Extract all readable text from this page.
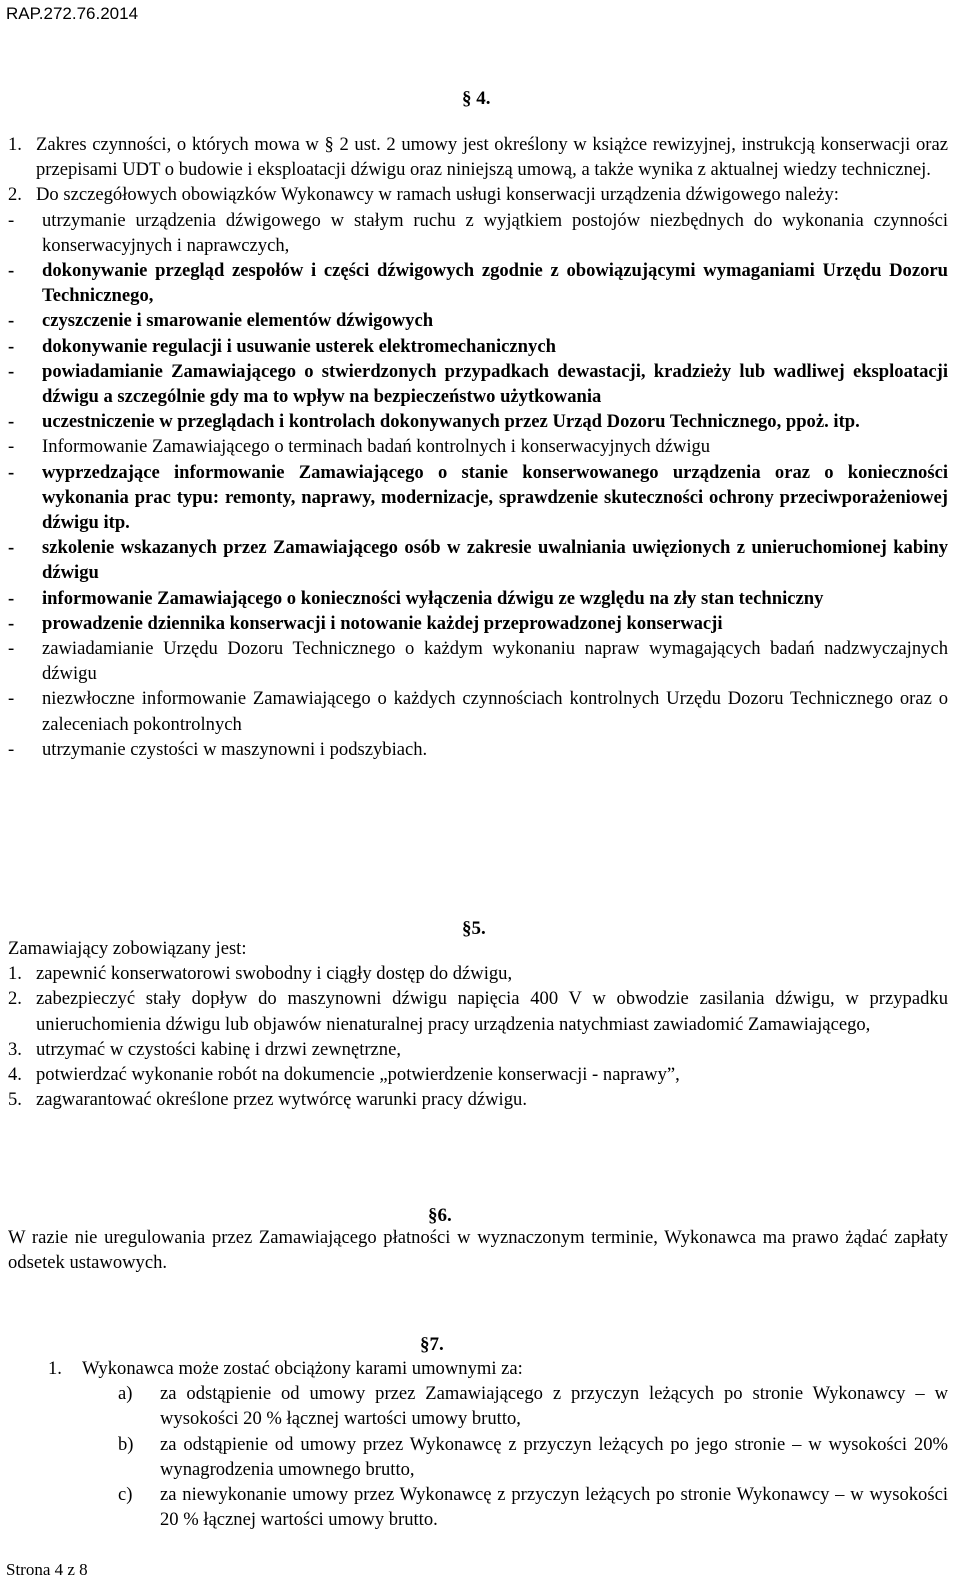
RAP.272.76.2014
§ 4.

1. Zakres czynności, o których mowa w § 2 ust. 2 umowy jest określony w książce rewizyjnej, instrukcją konserwacji oraz przepisami UDT o budowie i eksploatacji dźwigu oraz niniejszą umową, a także wynika z aktualnej wiedzy technicznej.

2. Do szczegółowych obowiązków Wykonawcy w ramach usługi konserwacji urządzenia dźwigowego należy:

- utrzymanie urządzenia dźwigowego w stałym ruchu z wyjątkiem postojów niezbędnych do wykonania czynności konserwacyjnych i naprawczych,

- dokonywanie przegląd zespołów i części dźwigowych zgodnie z obowiązującymi wymaganiami Urzędu Dozoru Technicznego,

- czyszczenie i smarowanie elementów dźwigowych

- dokonywanie regulacji i usuwanie usterek elektromechanicznych

- powiadamianie Zamawiającego o stwierdzonych przypadkach dewastacji, kradzieży lub wadliwej eksploatacji dźwigu a szczególnie gdy ma to wpływ na bezpieczeństwo użytkowania

- uczestniczenie w przeglądach i kontrolach dokonywanych przez Urząd Dozoru Technicznego, ppoż. itp.

- Informowanie Zamawiającego o terminach badań kontrolnych i konserwacyjnych dźwigu

- wyprzedzające informowanie Zamawiającego o stanie konserwowanego urządzenia oraz o konieczności wykonania prac typu: remonty, naprawy, modernizacje, sprawdzenie skuteczności ochrony przeciwporażeniowej dźwigu itp.

- szkolenie wskazanych przez Zamawiającego osób w zakresie uwalniania uwięzionych z unieruchomionej kabiny dźwigu

- informowanie Zamawiającego o konieczności wyłączenia dźwigu ze względu na zły stan techniczny

- prowadzenie dziennika konserwacji i notowanie każdej przeprowadzonej konserwacji

- zawiadamianie Urzędu Dozoru Technicznego o każdym wykonaniu napraw wymagających badań nadzwyczajnych dźwigu

- niezwłoczne informowanie Zamawiającego o każdych czynnościach kontrolnych Urzędu Dozoru Technicznego oraz o zaleceniach pokontrolnych

- utrzymanie czystości w maszynowni i podszybiach.

§5.

Zamawiający zobowiązany jest:

1. zapewnić konserwatorowi swobodny i ciągły dostęp do dźwigu,

2. zabezpieczyć stały dopływ do maszynowni dźwigu napięcia 400 V w obwodzie zasilania dźwigu, w przypadku unieruchomienia dźwigu lub objawów nienaturalnej pracy urządzenia natychmiast zawiadomić Zamawiającego,

3. utrzymać w czystości kabinę i drzwi zewnętrzne,

4. potwierdzać wykonanie robót na dokumencie „potwierdzenie konserwacji - naprawy”,

5. zagwarantować określone przez wytwórcę warunki pracy dźwigu.

§6.
W razie nie uregulowania przez Zamawiającego płatności w wyznaczonym terminie, Wykonawca ma prawo żądać zapłaty odsetek ustawowych.
§7.

1. Wykonawca może zostać obciążony karami umownymi za:

a) za odstąpienie od umowy przez Zamawiającego z przyczyn leżących po stronie Wykonawcy – w wysokości 20 % łącznej wartości umowy brutto,

b) za odstąpienie od umowy przez Wykonawcę z przyczyn leżących po jego stronie – w wysokości 20% wynagrodzenia umownego brutto,

c) za niewykonanie umowy przez Wykonawcę z przyczyn leżących po stronie Wykonawcy – w wysokości 20 % łącznej wartości umowy brutto.

Strona 4 z 8
